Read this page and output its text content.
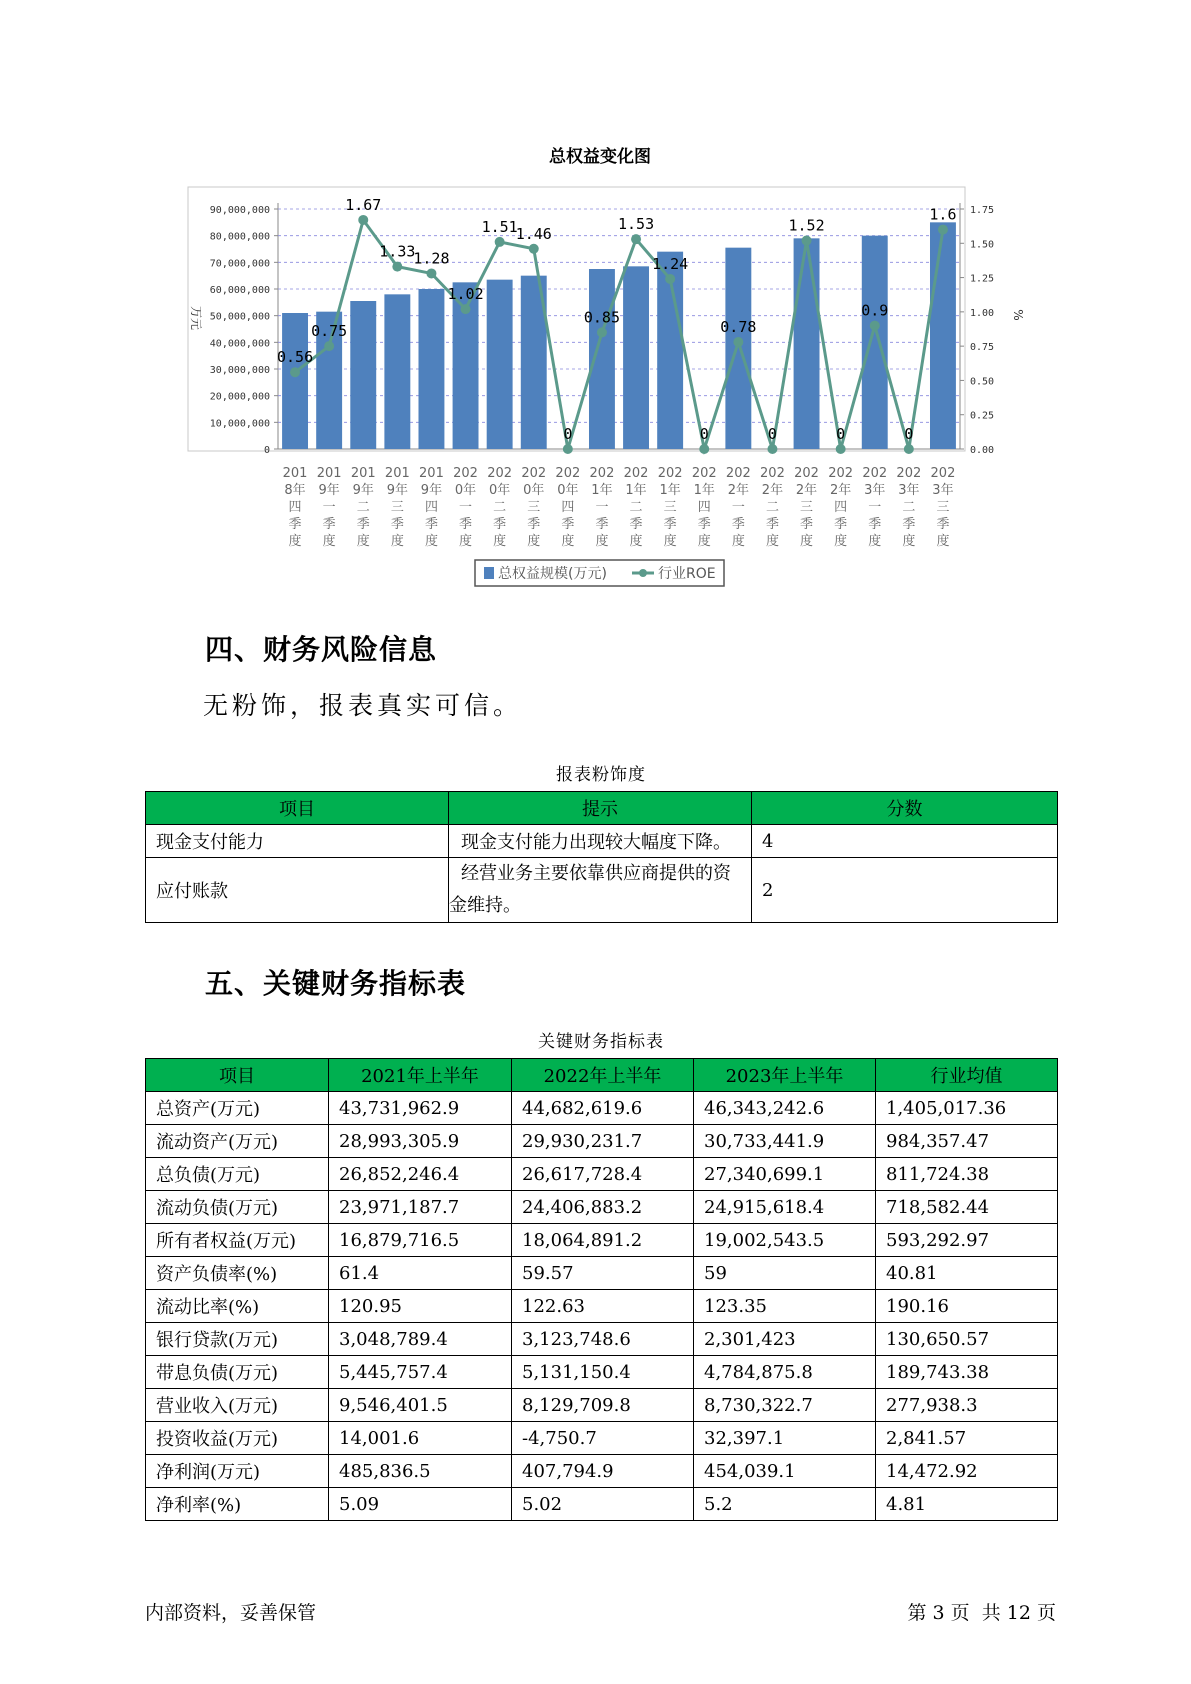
总权益变化图
万元	%
90,000,000
80,000,000
70,000,000
60,000,000
50,000,000
40,000,000
30,000,000
20,000,000
10,000,000
0
1.75
1.50
1.25
1.00
0.75
0.50
0.25
0.00
0.56
0.75
1.67
1.33
1.28
1.02
1.51
1.46
0
0.85
1.53
1.24
0
0.78
0
1.52
0
0.9
0
1.6
201 8年四季度
201 9年一季度
201 9年二季度
201 9年三季度
201 9年四季度
202 0年一季度
202 0年二季度
202 0年三季度
202 0年四季度
202 1年一季度
202 1年二季度
202 1年三季度
202 1年四季度
202 2年一季度
202 2年二季度
202 2年三季度
202 2年四季度
202 3年一季度
202 3年二季度
202 3年三季度
总权益规模(万元)	行业ROE
四、财务风险信息
无粉饰，报表真实可信。
报表粉饰度
项目	提示	分数
现金支付能力	现金支付能力出现较大幅度下降。	4
应付账款	经营业务主要依靠供应商提供的资金维持。	2
五、关键财务指标表
关键财务指标表
项目	2021年上半年	2022年上半年	2023年上半年	行业均值
总资产(万元)	43,731,962.9	44,682,619.6	46,343,242.6	1,405,017.36
流动资产(万元)	28,993,305.9	29,930,231.7	30,733,441.9	984,357.47
总负债(万元)	26,852,246.4	26,617,728.4	27,340,699.1	811,724.38
流动负债(万元)	23,971,187.7	24,406,883.2	24,915,618.4	718,582.44
所有者权益(万元)	16,879,716.5	18,064,891.2	19,002,543.5	593,292.97
资产负债率(%)	61.4	59.57	59	40.81
流动比率(%)	120.95	122.63	123.35	190.16
银行贷款(万元)	3,048,789.4	3,123,748.6	2,301,423	130,650.57
带息负债(万元)	5,445,757.4	5,131,150.4	4,784,875.8	189,743.38
营业收入(万元)	9,546,401.5	8,129,709.8	8,730,322.7	277,938.3
投资收益(万元)	14,001.6	-4,750.7	32,397.1	2,841.57
净利润(万元)	485,836.5	407,794.9	454,039.1	14,472.92
净利率(%)	5.09	5.02	5.2	4.81
内部资料，妥善保管	第 3 页  共 12 页
